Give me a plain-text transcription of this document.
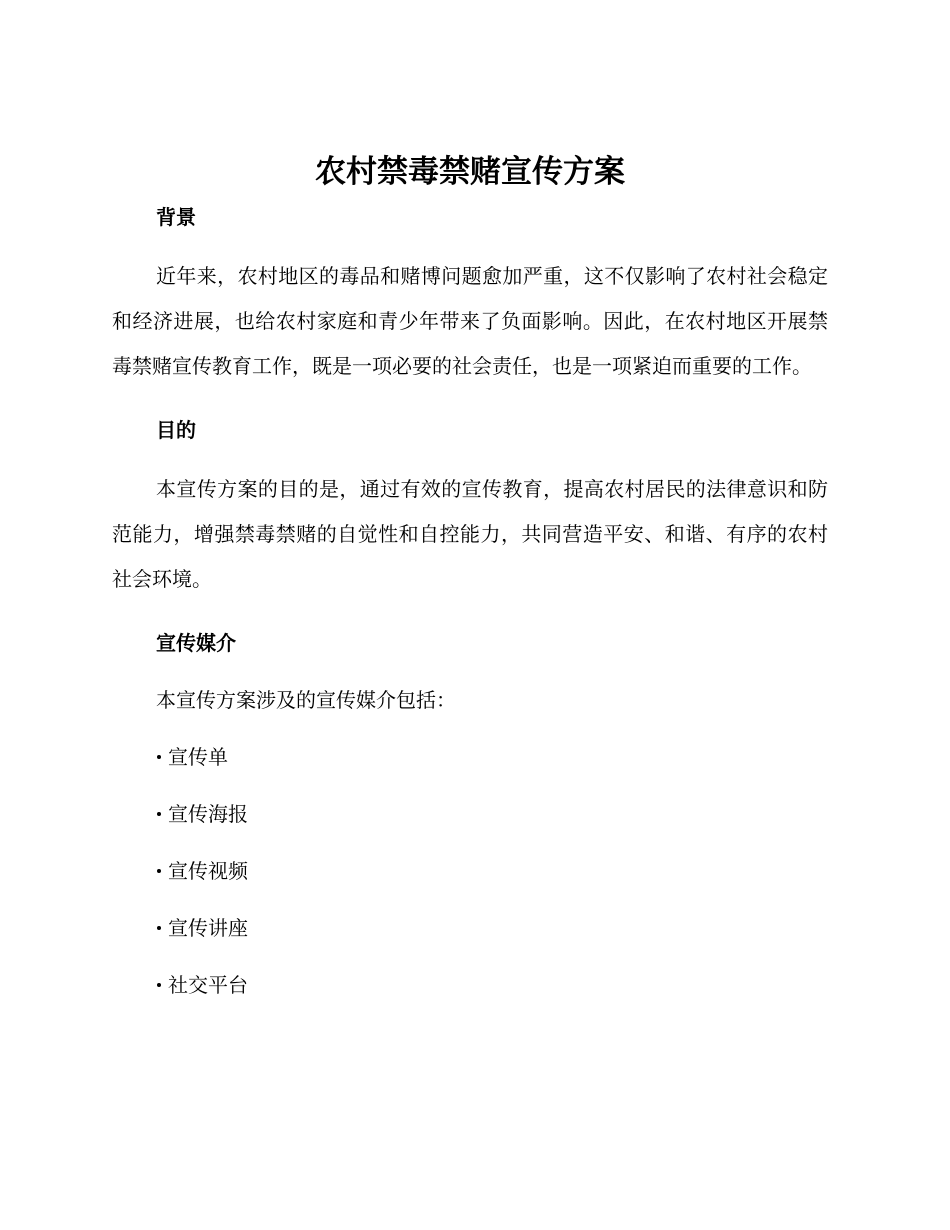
农村禁毒禁赌宣传方案
背景

近年来，农村地区的毒品和赌博问题愈加严重，这不仅影响了农村社会稳定和经济进展，也给农村家庭和青少年带来了负面影响。因此，在农村地区开展禁毒禁赌宣传教育工作，既是一项必要的社会责任，也是一项紧迫而重要的工作。

目的

本宣传方案的目的是，通过有效的宣传教育，提高农村居民的法律意识和防范能力，增强禁毒禁赌的自觉性和自控能力，共同营造平安、和谐、有序的农村社会环境。

宣传媒介

本宣传方案涉及的宣传媒介包括：

宣传单
宣传海报
宣传视频
宣传讲座
社交平台
